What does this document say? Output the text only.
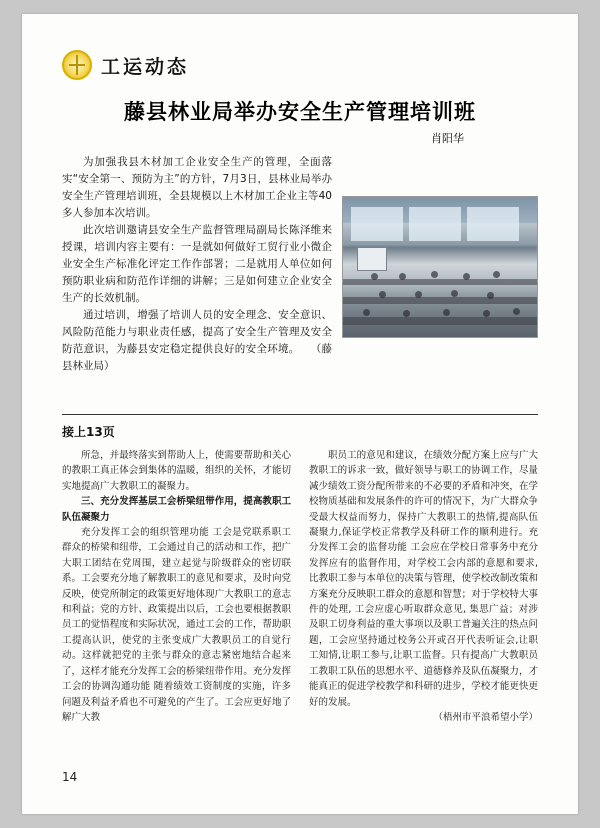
工运动态
藤县林业局举办安全生产管理培训班
肖阳华

为加强我县木材加工企业安全生产的管理，全面落实“安全第一、预防为主”的方针，7月3日，县林业局举办安全生产管理培训班，全县规模以上木材加工企业主等40多人参加本次培训。

此次培训邀请县安全生产监督管理局副局长陈泽维来授课，培训内容主要有：一是就如何做好工贸行业小微企业安全生产标准化评定工作作部署；二是就用人单位如何预防职业病和防范作详细的讲解；三是如何建立企业安全生产的长效机制。

通过培训，增强了培训人员的安全理念、安全意识、风险防范能力与职业责任感，提高了安全生产管理及安全防范意识，为藤县安定稳定提供良好的安全环境。　　（藤县林业局）

接上13页

所急，并最终落实到帮助人上，使需要帮助和关心的教职工真正体会到集体的温暖，组织的关怀，才能切实地提高广大教职工的凝聚力。

三、充分发挥基层工会桥梁纽带作用，提高教职工队伍凝聚力

充分发挥工会的组织管理功能 工会是党联系职工群众的桥梁和纽带，工会通过自己的活动和工作，把广大职工团结在党周围，建立起觉与阶级群众的密切联系。工会要充分地了解教职工的意见和要求，及时向党反映，使党所制定的政策更好地体现广大教职工的意志和利益；党的方针、政策提出以后，工会也要根据教职员工的觉悟程度和实际状况，通过工会的工作，帮助职工提高认识，使党的主张变成广大教职员工的自觉行动。这样就把党的主张与群众的意志紧密地结合起来了，这样才能充分发挥工会的桥梁纽带作用。充分发挥工会的协调沟通功能 随着绩效工资制度的实施，许多问题及利益矛盾也不可避免的产生了。工会应更好地了解广大教

职员工的意见和建议，在绩效分配方案上应与广大教职工的诉求一致，做好领导与职工的协调工作，尽量减少绩效工资分配所带来的不必要的矛盾和冲突，在学校物质基础和发展条件的许可的情况下，为广大群众争受最大权益而努力，保持广大教职工的热情,提高队伍凝聚力,保证学校正常教学及科研工作的顺利进行。充分发挥工会的监督功能 工会应在学校日常事务中充分发挥应有的监督作用，对学校工会内部的意愿和要求, 比教职工参与本单位的决策与管理，使学校改制改策和方案充分反映职工群众的意愿和智慧；对于学校特大事件的处理, 工会应虚心听取群众意见, 集思广益；对涉及职工切身利益的重大事项以及职工普遍关注的热点问题，工会应坚持通过校务公开或召开代表听证会,让职工知情,让职工参与,让职工监督。只有提高广大教职员工教职工队伍的思想水平、道德修养及队伍凝聚力，才能真正的促进学校教学和科研的进步，学校才能更快更好的发展。

（梧州市平浪希望小学）

14
